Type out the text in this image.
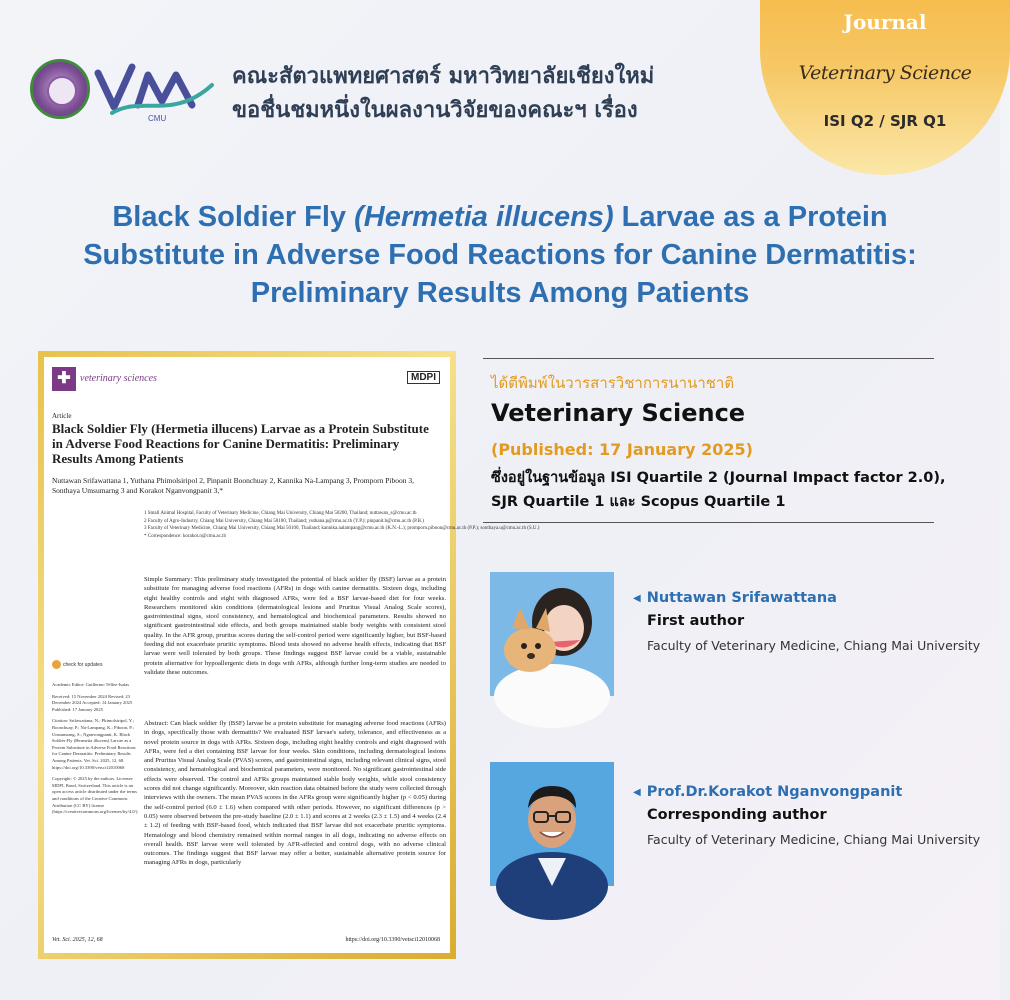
CMU
คณะสัตวแพทยศาสตร์ มหาวิทยาลัยเชียงใหม่
ขอชื่นชมหนึ่งในผลงานวิจัยของคณะฯ เรื่อง
Journal
Veterinary Science
ISI Q2 / SJR Q1
Black Soldier Fly (Hermetia illucens) Larvae as a Protein Substitute in Adverse Food Reactions for Canine Dermatitis: Preliminary Results Among Patients
✚ veterinary sciences	MDPI
Article
Black Soldier Fly (Hermetia illucens) Larvae as a Protein Substitute in Adverse Food Reactions for Canine Dermatitis: Preliminary Results Among Patients
Nuttawan Srifawattana 1, Yuthana Phimolsiripol 2, Pinpanit Boonchuay 2, Kannika Na-Lampang 3, Promporn Piboon 3, Sonthaya Umsumarng 3 and Korakot Nganvongpanit 3,*
1 Small Animal Hospital, Faculty of Veterinary Medicine, Chiang Mai University, Chiang Mai 50200, Thailand; nuttawan_s@cmu.ac.th
2 Faculty of Agro-Industry, Chiang Mai University, Chiang Mai 50100, Thailand; yuthana.p@cmu.ac.th (Y.P.); pinpanit.b@cmu.ac.th (P.B.)
3 Faculty of Veterinary Medicine, Chiang Mai University, Chiang Mai 50100, Thailand; kannika.nalampang@cmu.ac.th (K.N.-L.); promporn.piboon@cmu.ac.th (P.P.); sonthaya.u@cmu.ac.th (S.U.)
* Correspondence: korakot.n@cmu.ac.th
Simple Summary: This preliminary study investigated the potential of black soldier fly (BSF) larvae as a protein substitute for managing adverse food reactions (AFRs) in dogs with canine dermatitis. Sixteen dogs, including eight healthy controls and eight with diagnosed AFRs, were fed a BSF larvae-based diet for four weeks. Researchers monitored skin conditions (dermatological lesions and Pruritus Visual Analog Scale scores), gastrointestinal signs, stool consistency, and hematological and biochemical parameters. Results showed no significant gastrointestinal side effects, and both groups maintained stable body weights with consistent stool quality. In the AFR group, pruritus scores during the self-control period were significantly higher, but BSF-based feeding did not exacerbate pruritic symptoms. Blood tests showed no adverse health effects, indicating that BSF larvae were well tolerated by both groups. These findings suggest BSF larvae could be a viable, sustainable protein alternative for hypoallergenic diets in dogs with AFRs, although further long-term studies are needed to validate these outcomes.
check for updates
Academic Editor: Guillermo Téllez-Isaías
Received: 15 November 2024 Revised: 23 December 2024 Accepted: 14 January 2025 Published: 17 January 2025
Citation: Srifawattana, N.; Phimolsiripol, Y.; Boonchuay, P.; Na-Lampang, K.; Piboon, P.; Umsumarng, S.; Nganvongpanit, K. Black Soldier Fly (Hermetia illucens) Larvae as a Protein Substitute in Adverse Food Reactions for Canine Dermatitis: Preliminary Results Among Patients. Vet. Sci. 2025, 12, 68. https://doi.org/10.3390/vetsci12010068
Copyright: © 2025 by the authors. Licensee MDPI, Basel, Switzerland. This article is an open access article distributed under the terms and conditions of the Creative Commons Attribution (CC BY) license (https://creativecommons.org/licenses/by/4.0/).
Abstract: Can black soldier fly (BSF) larvae be a protein substitute for managing adverse food reactions (AFRs) in dogs, specifically those with dermatitis? We evaluated BSF larvae's safety, tolerance, and effectiveness as a novel protein source in dogs with AFRs. Sixteen dogs, including eight healthy controls and eight diagnosed with AFRs, were fed a diet containing BSF larvae for four weeks. Skin conditions, including dermatological lesions and Pruritus Visual Analog Scale (PVAS) scores, and gastrointestinal signs, including relevant clinical signs, stool consistency, and hematological and biochemical parameters, were monitored. No significant gastrointestinal side effects were observed. The control and AFRs groups maintained stable body weights, while stool consistency scores did not change significantly. Moreover, skin reaction data obtained before the study were collected through interviews with the owners. The mean PVAS scores in the AFRs group were significantly higher (p < 0.05) during the self-control period (6.0 ± 1.6) when compared with other periods. However, no significant differences (p > 0.05) were observed between the pre-study baseline (2.0 ± 1.1) and scores at 2 weeks (2.3 ± 1.5) and 4 weeks (2.4 ± 1.2) of feeding with BSF-based food, which indicated that BSF larvae did not exacerbate pruritic symptoms. Hematology and blood chemistry remained within normal ranges in all dogs, indicating no adverse effects on overall health. BSF larvae were well tolerated by AFR-affected and control dogs, with no adverse clinical outcomes. The findings suggest that BSF larvae may offer a better, sustainable alternative protein source for managing AFRs in dogs, particularly
Vet. Sci. 2025, 12, 68	https://doi.org/10.3390/vetsci12010068
ได้ตีพิมพ์ในวารสารวิชาการนานาชาติ
Veterinary Science
(Published: 17 January 2025)
ซึ่งอยู่ในฐานข้อมูล ISI Quartile 2 (Journal Impact factor 2.0),
SJR Quartile 1 และ Scopus Quartile 1
◀ Nuttawan Srifawattana
First author
Faculty of Veterinary Medicine, Chiang Mai University
◀ Prof.Dr.Korakot Nganvongpanit
Corresponding author
Faculty of Veterinary Medicine, Chiang Mai University
